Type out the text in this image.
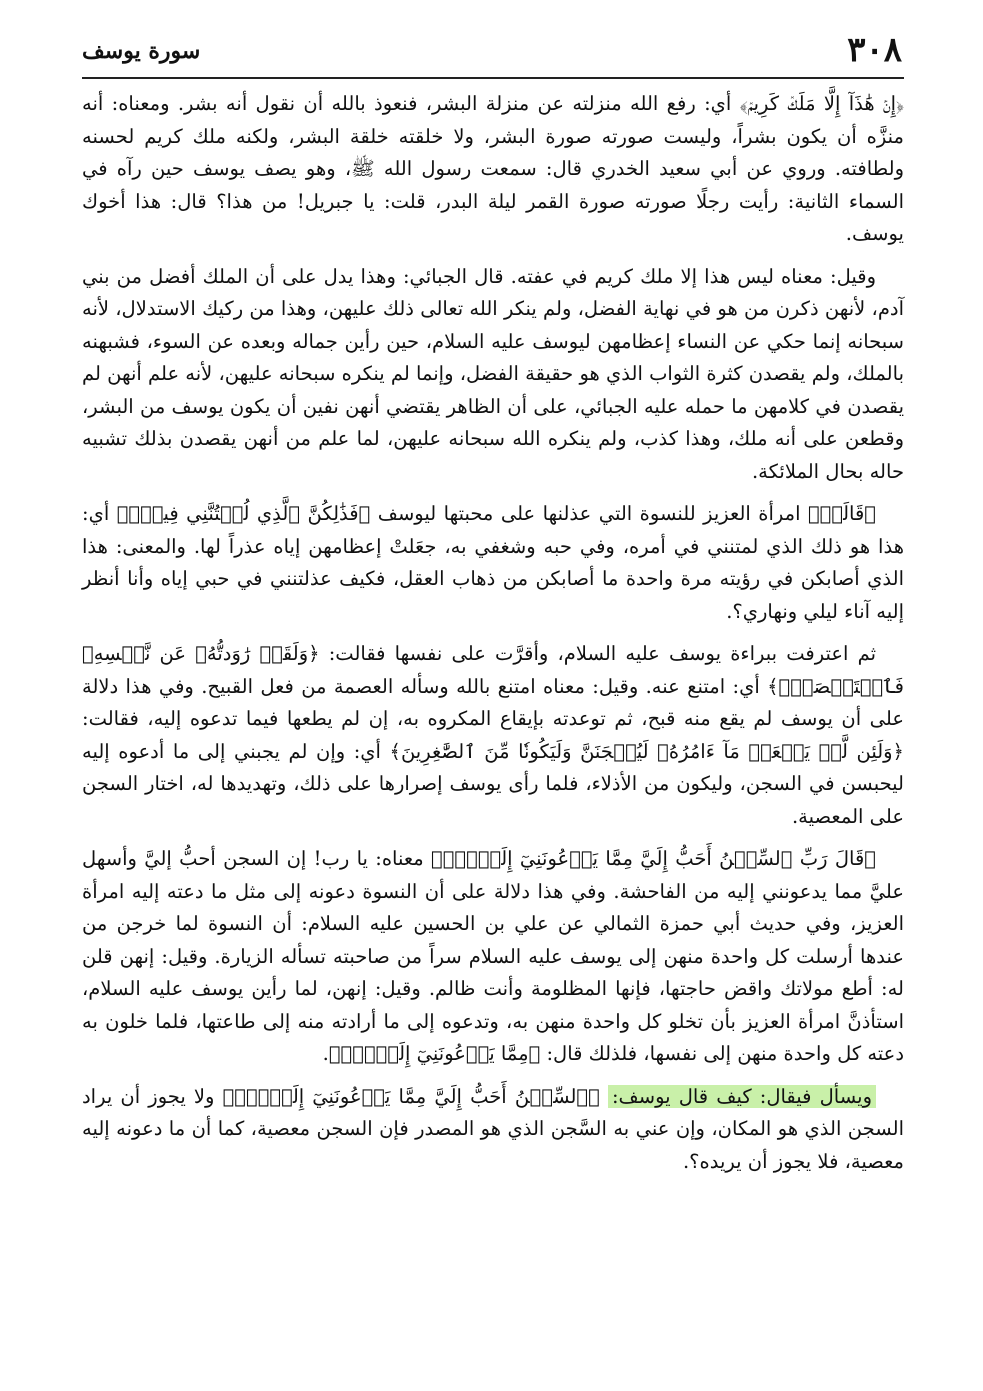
٣٠٨
سورة يوسف

﴿إِنۡ هَٰذَآ إِلَّا مَلَكٞ كَرِيمٞ﴾ أي: رفع الله منزلته عن منزلة البشر، فنعوذ بالله أن نقول أنه بشر. ومعناه: أنه منزَّه أن يكون بشراً، وليست صورته صورة البشر، ولا خلقته خلقة البشر، ولكنه ملك كريم لحسنه ولطافته. وروي عن أبي سعيد الخدري قال: سمعت رسول الله ﷺ، وهو يصف يوسف حين رآه في السماء الثانية: رأيت رجلًا صورته صورة القمر ليلة البدر، قلت: يا جبريل! من هذا؟ قال: هذا أخوك يوسف.

وقيل: معناه ليس هذا إلا ملك كريم في عفته. قال الجبائي: وهذا يدل على أن الملك أفضل من بني آدم، لأنهن ذكرن من هو في نهاية الفضل، ولم ينكر الله تعالى ذلك عليهن، وهذا من ركيك الاستدلال، لأنه سبحانه إنما حكي عن النساء إعظامهن ليوسف عليه السلام، حين رأين جماله وبعده عن السوء، فشبهنه بالملك، ولم يقصدن كثرة الثواب الذي هو حقيقة الفضل، وإنما لم ينكره سبحانه عليهن، لأنه علم أنهن لم يقصدن في كلامهن ما حمله عليه الجبائي، على أن الظاهر يقتضي أنهن نفين أن يكون يوسف من البشر، وقطعن على أنه ملك، وهذا كذب، ولم ينكره الله سبحانه عليهن، لما علم من أنهن يقصدن بذلك تشبيه حاله بحال الملائكة.

﴿قَالَتۡ﴾ امرأة العزيز للنسوة التي عذلنها على محبتها ليوسف ﴿فَذَٰلِكُنَّ ٱلَّذِي لُمۡتُنَّنِي فِيهِۖ﴾ أي: هذا هو ذلك الذي لمتنني في أمره، وفي حبه وشغفي به، جعَلتْ إعظامهن إياه عذراً لها. والمعنى: هذا الذي أصابكن في رؤيته مرة واحدة ما أصابكن من ذهاب العقل، فكيف عذلتنني في حبي إياه وأنا أنظر إليه آناء ليلي ونهاري؟.

ثم اعترفت ببراءة يوسف عليه السلام، وأقرَّت على نفسها فقالت: ﴿وَلَقَدۡ رَٰوَدتُّهُۥ عَن نَّفۡسِهِۦ فَٱسۡتَعۡصَمَۖ﴾ أي: امتنع عنه. وقيل: معناه امتنع بالله وسأله العصمة من فعل القبيح. وفي هذا دلالة على أن يوسف لم يقع منه قبح، ثم توعدته بإيقاع المكروه به، إن لم يطعها فيما تدعوه إليه، فقالت: ﴿وَلَئِن لَّمۡ يَفۡعَلۡ مَآ ءَامُرُهُۥ لَيُسۡجَنَنَّ وَلَيَكُونٗا مِّنَ ٱلصَّٰغِرِينَ﴾ أي: وإن لم يجبني إلى ما أدعوه إليه ليحبسن في السجن، وليكون من الأذلاء، فلما رأى يوسف إصرارها على ذلك، وتهديدها له، اختار السجن على المعصية.

﴿قَالَ رَبِّ ٱلسِّجۡنُ أَحَبُّ إِلَيَّ مِمَّا يَدۡعُونَنِيٓ إِلَيۡهِۖ﴾ معناه: يا رب! إن السجن أحبُّ إليَّ وأسهل عليَّ مما يدعونني إليه من الفاحشة. وفي هذا دلالة على أن النسوة دعونه إلى مثل ما دعته إليه امرأة العزيز، وفي حديث أبي حمزة الثمالي عن علي بن الحسين عليه السلام: أن النسوة لما خرجن من عندها أرسلت كل واحدة منهن إلى يوسف عليه السلام سراً من صاحبته تسأله الزيارة. وقيل: إنهن قلن له: أطع مولاتك واقض حاجتها، فإنها المظلومة وأنت ظالم. وقيل: إنهن، لما رأين يوسف عليه السلام، استأذنَّ امرأة العزيز بأن تخلو كل واحدة منهن به، وتدعوه إلى ما أرادته منه إلى طاعتها، فلما خلون به دعته كل واحدة منهن إلى نفسها، فلذلك قال: ﴿مِمَّا يَدۡعُونَنِيٓ إِلَيۡهِۖ﴾.

ويسأل فيقال: كيف قال يوسف: ﴿ٱلسِّجۡنُ أَحَبُّ إِلَيَّ مِمَّا يَدۡعُونَنِيٓ إِلَيۡهِۖ﴾ ولا يجوز أن يراد السجن الذي هو المكان، وإن عني به السَّجن الذي هو المصدر فإن السجن معصية، كما أن ما دعونه إليه معصية، فلا يجوز أن يريده؟.
